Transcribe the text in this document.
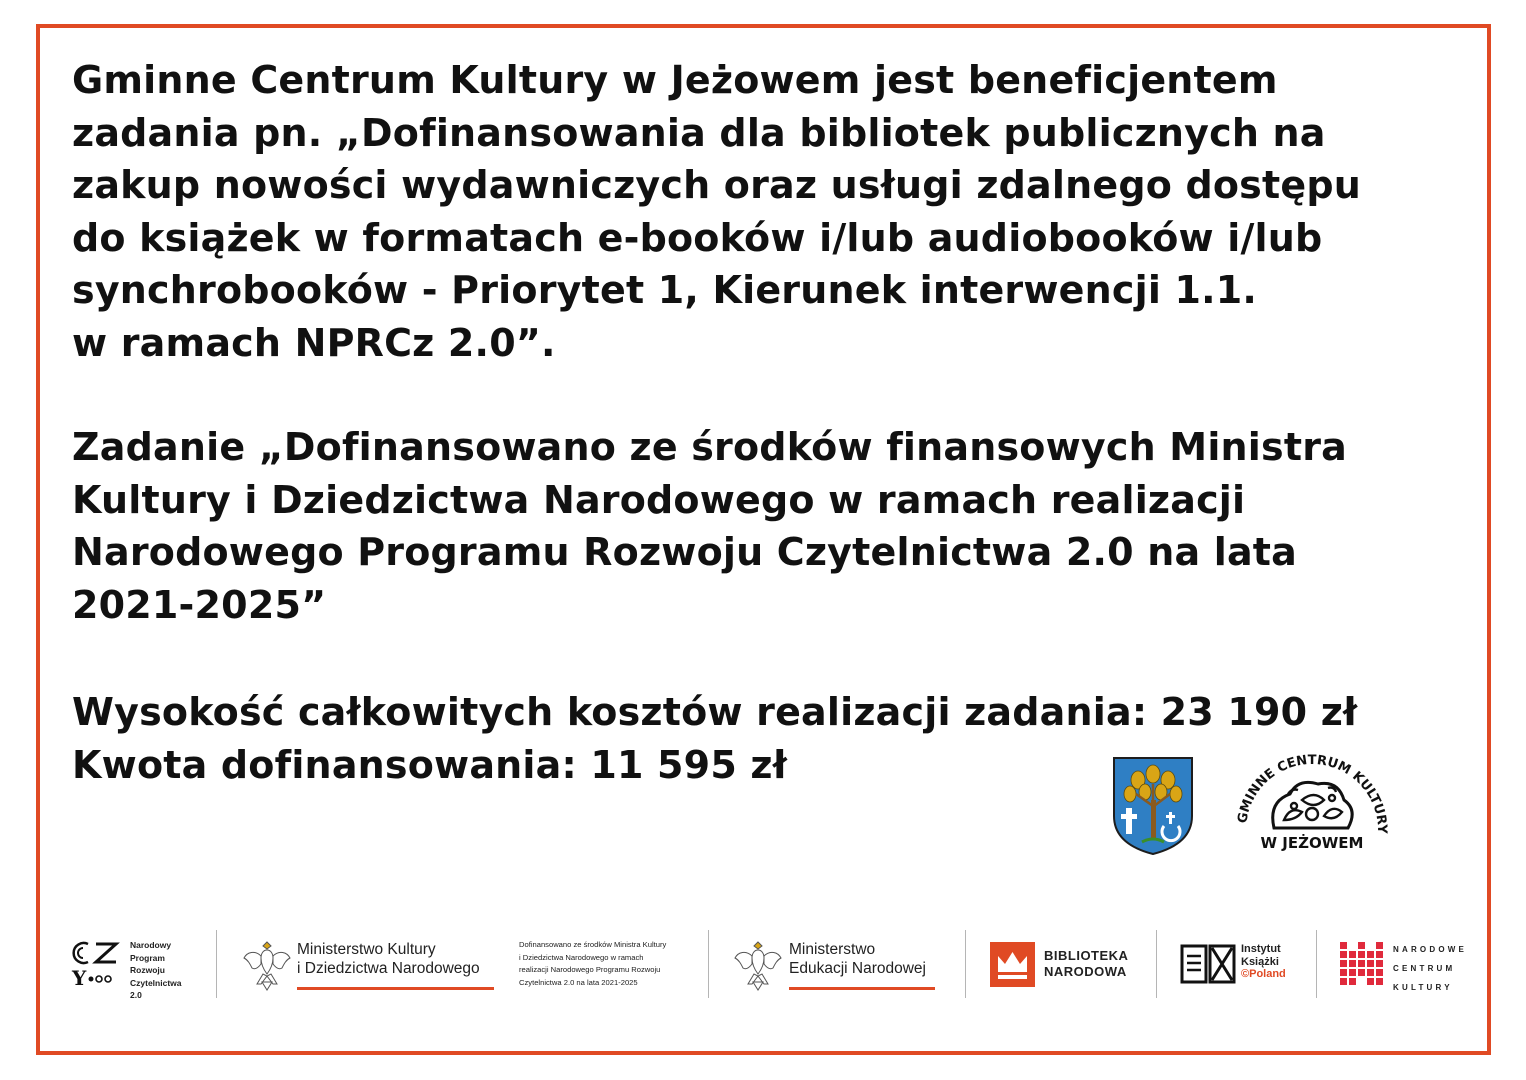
Gminne Centrum Kultury w Jeżowem jest beneficjentem
zadania pn. „Dofinansowania dla bibliotek publicznych na
zakup nowości wydawniczych oraz usługi zdalnego dostępu
do książek w formatach e-booków i/lub audiobooków i/lub
synchrobooków - Priorytet 1, Kierunek interwencji 1.1.
w ramach NPRCz 2.0”.
Zadanie „Dofinansowano ze środków finansowych Ministra
Kultury i Dziedzictwa Narodowego w ramach realizacji
Narodowego Programu Rozwoju Czytelnictwa 2.0 na lata
2021-2025”
Wysokość całkowitych kosztów realizacji zadania: 23 190 zł
Kwota dofinansowania: 11 595 zł
GMINNE CENTRUM KULTURY
W JEŻOWEM
Y
Narodowy
Program
Rozwoju
Czytelnictwa
2.0
Ministerstwo Kultury
i Dziedzictwa Narodowego
Dofinansowano ze środków Ministra Kultury
i Dziedzictwa Narodowego w ramach
realizacji Narodowego Programu Rozwoju
Czytelnictwa 2.0 na lata 2021-2025
Ministerstwo
Edukacji Narodowej
BIBLIOTEKA
NARODOWA
Instytut
Książki
©Poland
NARODOWE
CENTRUM
KULTURY
